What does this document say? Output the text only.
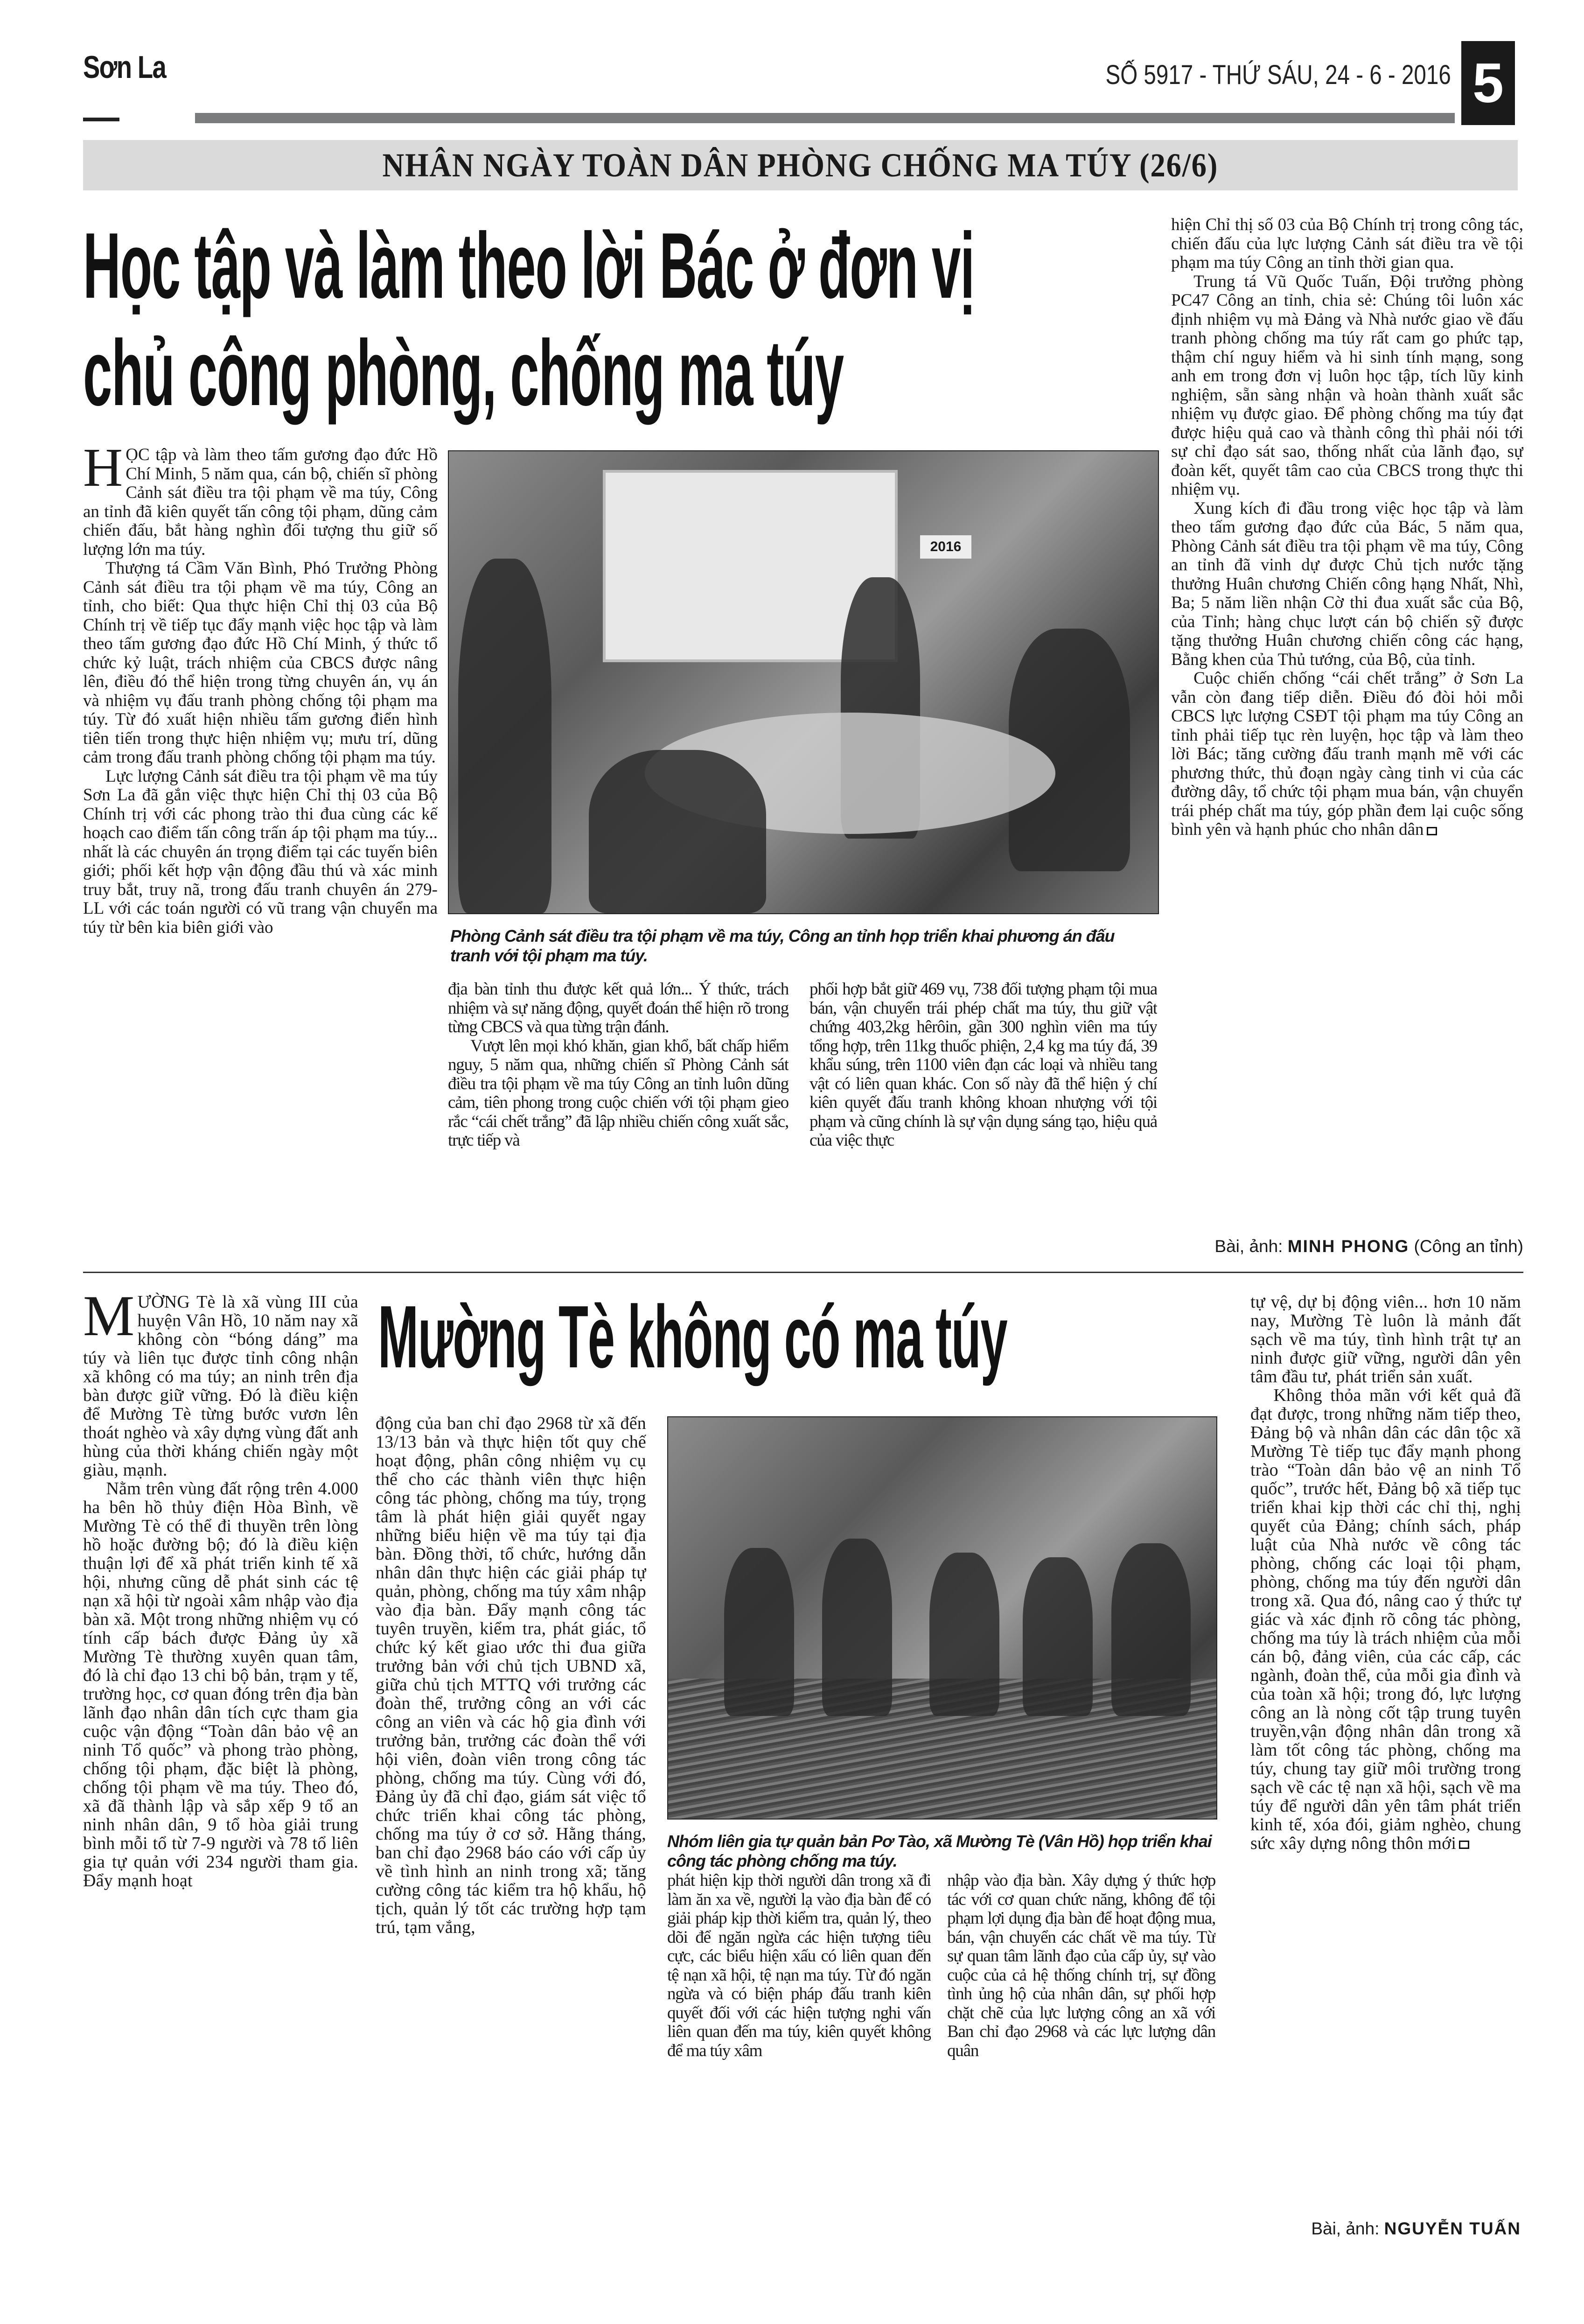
Sơn La	SỐ 5917 - THỨ SÁU, 24 - 6 - 2016 5
NHÂN NGÀY TOÀN DÂN PHÒNG CHỐNG MA TÚY (26/6)
Học tập và làm theo lời Bác ở đơn vị
chủ công phòng, chống ma túy

HỌC tập và làm theo tấm gương đạo đức Hồ Chí Minh, 5 năm qua, cán bộ, chiến sĩ phòng Cảnh sát điều tra tội phạm về ma túy, Công an tỉnh đã kiên quyết tấn công tội phạm, dũng cảm chiến đấu, bắt hàng nghìn đối tượng thu giữ số lượng lớn ma túy.

Thượng tá Cầm Văn Bình, Phó Trưởng Phòng Cảnh sát điều tra tội phạm về ma túy, Công an tỉnh, cho biết: Qua thực hiện Chỉ thị 03 của Bộ Chính trị về tiếp tục đẩy mạnh việc học tập và làm theo tấm gương đạo đức Hồ Chí Minh, ý thức tổ chức kỷ luật, trách nhiệm của CBCS được nâng lên, điều đó thể hiện trong từng chuyên án, vụ án và nhiệm vụ đấu tranh phòng chống tội phạm ma túy. Từ đó xuất hiện nhiều tấm gương điển hình tiên tiến trong thực hiện nhiệm vụ; mưu trí, dũng cảm trong đấu tranh phòng chống tội phạm ma túy.

Lực lượng Cảnh sát điều tra tội phạm về ma túy Sơn La đã gắn việc thực hiện Chỉ thị 03 của Bộ Chính trị với các phong trào thi đua cùng các kế hoạch cao điểm tấn công trấn áp tội phạm ma túy... nhất là các chuyên án trọng điểm tại các tuyến biên giới; phối kết hợp vận động đầu thú và xác minh truy bắt, truy nã, trong đấu tranh chuyên án 279-LL với các toán người có vũ trang vận chuyển ma túy từ bên kia biên giới vào

2016
Phòng Cảnh sát điều tra tội phạm về ma túy, Công an tỉnh họp triển khai phương án đấu tranh với tội phạm ma túy.

địa bàn tỉnh thu được kết quả lớn... Ý thức, trách nhiệm và sự năng động, quyết đoán thể hiện rõ trong từng CBCS và qua từng trận đánh.

Vượt lên mọi khó khăn, gian khổ, bất chấp hiểm nguy, 5 năm qua, những chiến sĩ Phòng Cảnh sát điều tra tội phạm về ma túy Công an tỉnh luôn dũng cảm, tiên phong trong cuộc chiến với tội phạm gieo rắc “cái chết trắng” đã lập nhiều chiến công xuất sắc, trực tiếp và

phối hợp bắt giữ 469 vụ, 738 đối tượng phạm tội mua bán, vận chuyển trái phép chất ma túy, thu giữ vật chứng 403,2kg hêrôin, gần 300 nghìn viên ma túy tổng hợp, trên 11kg thuốc phiện, 2,4 kg ma túy đá, 39 khẩu súng, trên 1100 viên đạn các loại và nhiều tang vật có liên quan khác. Con số này đã thể hiện ý chí kiên quyết đấu tranh không khoan nhượng với tội phạm và cũng chính là sự vận dụng sáng tạo, hiệu quả của việc thực

hiện Chỉ thị số 03 của Bộ Chính trị trong công tác, chiến đấu của lực lượng Cảnh sát điều tra về tội phạm ma túy Công an tỉnh thời gian qua.

Trung tá Vũ Quốc Tuấn, Đội trưởng phòng PC47 Công an tỉnh, chia sẻ: Chúng tôi luôn xác định nhiệm vụ mà Đảng và Nhà nước giao về đấu tranh phòng chống ma túy rất cam go phức tạp, thậm chí nguy hiểm và hi sinh tính mạng, song anh em trong đơn vị luôn học tập, tích lũy kinh nghiệm, sẵn sàng nhận và hoàn thành xuất sắc nhiệm vụ được giao. Để phòng chống ma túy đạt được hiệu quả cao và thành công thì phải nói tới sự chỉ đạo sát sao, thống nhất của lãnh đạo, sự đoàn kết, quyết tâm cao của CBCS trong thực thi nhiệm vụ.

Xung kích đi đầu trong việc học tập và làm theo tấm gương đạo đức của Bác, 5 năm qua, Phòng Cảnh sát điều tra tội phạm về ma túy, Công an tỉnh đã vinh dự được Chủ tịch nước tặng thưởng Huân chương Chiến công hạng Nhất, Nhì, Ba; 5 năm liền nhận Cờ thi đua xuất sắc của Bộ, của Tỉnh; hàng chục lượt cán bộ chiến sỹ được tặng thưởng Huân chương chiến công các hạng, Bằng khen của Thủ tướng, của Bộ, của tỉnh.

Cuộc chiến chống “cái chết trắng” ở Sơn La vẫn còn đang tiếp diễn. Điều đó đòi hỏi mỗi CBCS lực lượng CSĐT tội phạm ma túy Công an tỉnh phải tiếp tục rèn luyện, học tập và làm theo lời Bác; tăng cường đấu tranh mạnh mẽ với các phương thức, thủ đoạn ngày càng tinh vi của các đường dây, tổ chức tội phạm mua bán, vận chuyển trái phép chất ma túy, góp phần đem lại cuộc sống bình yên và hạnh phúc cho nhân dân

Bài, ảnh: MINH PHONG (Công an tỉnh)
Mường Tè không có ma túy

MƯỜNG Tè là xã vùng III của huyện Vân Hồ, 10 năm nay xã không còn “bóng dáng” ma túy và liên tục được tỉnh công nhận xã không có ma túy; an ninh trên địa bàn được giữ vững. Đó là điều kiện để Mường Tè từng bước vươn lên thoát nghèo và xây dựng vùng đất anh hùng của thời kháng chiến ngày một giàu, mạnh.

Nằm trên vùng đất rộng trên 4.000 ha bên hồ thủy điện Hòa Bình, về Mường Tè có thể đi thuyền trên lòng hồ hoặc đường bộ; đó là điều kiện thuận lợi để xã phát triển kinh tế xã hội, nhưng cũng dễ phát sinh các tệ nạn xã hội từ ngoài xâm nhập vào địa bàn xã. Một trong những nhiệm vụ có tính cấp bách được Đảng ủy xã Mường Tè thường xuyên quan tâm, đó là chỉ đạo 13 chi bộ bản, trạm y tế, trường học, cơ quan đóng trên địa bàn lãnh đạo nhân dân tích cực tham gia cuộc vận động “Toàn dân bảo vệ an ninh Tổ quốc” và phong trào phòng, chống tội phạm, đặc biệt là phòng, chống tội phạm về ma túy. Theo đó, xã đã thành lập và sắp xếp 9 tổ an ninh nhân dân, 9 tổ hòa giải trung bình mỗi tổ từ 7-9 người và 78 tổ liên gia tự quản với 234 người tham gia. Đẩy mạnh hoạt

động của ban chỉ đạo 2968 từ xã đến 13/13 bản và thực hiện tốt quy chế hoạt động, phân công nhiệm vụ cụ thể cho các thành viên thực hiện công tác phòng, chống ma túy, trọng tâm là phát hiện giải quyết ngay những biểu hiện về ma túy tại địa bàn. Đồng thời, tổ chức, hướng dẫn nhân dân thực hiện các giải pháp tự quản, phòng, chống ma túy xâm nhập vào địa bàn. Đẩy mạnh công tác tuyên truyền, kiểm tra, phát giác, tổ chức ký kết giao ước thi đua giữa trưởng bản với chủ tịch UBND xã, giữa chủ tịch MTTQ với trưởng các đoàn thể, trưởng công an với các công an viên và các hộ gia đình với trưởng bản, trưởng các đoàn thể với hội viên, đoàn viên trong công tác phòng, chống ma túy. Cùng với đó, Đảng ủy đã chỉ đạo, giám sát việc tổ chức triển khai công tác phòng, chống ma túy ở cơ sở. Hằng tháng, ban chỉ đạo 2968 báo cáo với cấp ủy về tình hình an ninh trong xã; tăng cường công tác kiểm tra hộ khẩu, hộ tịch, quản lý tốt các trường hợp tạm trú, tạm vắng,

Nhóm liên gia tự quản bản Pơ Tào, xã Mường Tè (Vân Hồ) họp triển khai công tác phòng chống ma túy.

phát hiện kịp thời người dân trong xã đi làm ăn xa về, người lạ vào địa bàn để có giải pháp kịp thời kiểm tra, quản lý, theo dõi để ngăn ngừa các hiện tượng tiêu cực, các biểu hiện xấu có liên quan đến tệ nạn xã hội, tệ nạn ma túy. Từ đó ngăn ngừa và có biện pháp đấu tranh kiên quyết đối với các hiện tượng nghi vấn liên quan đến ma túy, kiên quyết không để ma túy xâm

nhập vào địa bàn. Xây dựng ý thức hợp tác với cơ quan chức năng, không để tội phạm lợi dụng địa bàn để hoạt động mua, bán, vận chuyển các chất về ma túy. Từ sự quan tâm lãnh đạo của cấp ủy, sự vào cuộc của cả hệ thống chính trị, sự đồng tình ủng hộ của nhân dân, sự phối hợp chặt chẽ của lực lượng công an xã với Ban chỉ đạo 2968 và các lực lượng dân quân

tự vệ, dự bị động viên... hơn 10 năm nay, Mường Tè luôn là mảnh đất sạch về ma túy, tình hình trật tự an ninh được giữ vững, người dân yên tâm đầu tư, phát triển sản xuất.

Không thỏa mãn với kết quả đã đạt được, trong những năm tiếp theo, Đảng bộ và nhân dân các dân tộc xã Mường Tè tiếp tục đẩy mạnh phong trào “Toàn dân bảo vệ an ninh Tổ quốc”, trước hết, Đảng bộ xã tiếp tục triển khai kịp thời các chỉ thị, nghị quyết của Đảng; chính sách, pháp luật của Nhà nước về công tác phòng, chống các loại tội phạm, phòng, chống ma túy đến người dân trong xã. Qua đó, nâng cao ý thức tự giác và xác định rõ công tác phòng, chống ma túy là trách nhiệm của mỗi cán bộ, đảng viên, của các cấp, các ngành, đoàn thể, của mỗi gia đình và của toàn xã hội; trong đó, lực lượng công an là nòng cốt tập trung tuyên truyền,vận động nhân dân trong xã làm tốt công tác phòng, chống ma túy, chung tay giữ môi trường trong sạch về các tệ nạn xã hội, sạch về ma túy để người dân yên tâm phát triển kinh tế, xóa đói, giảm nghèo, chung sức xây dựng nông thôn mới

Bài, ảnh: NGUYỄN TUẤN
